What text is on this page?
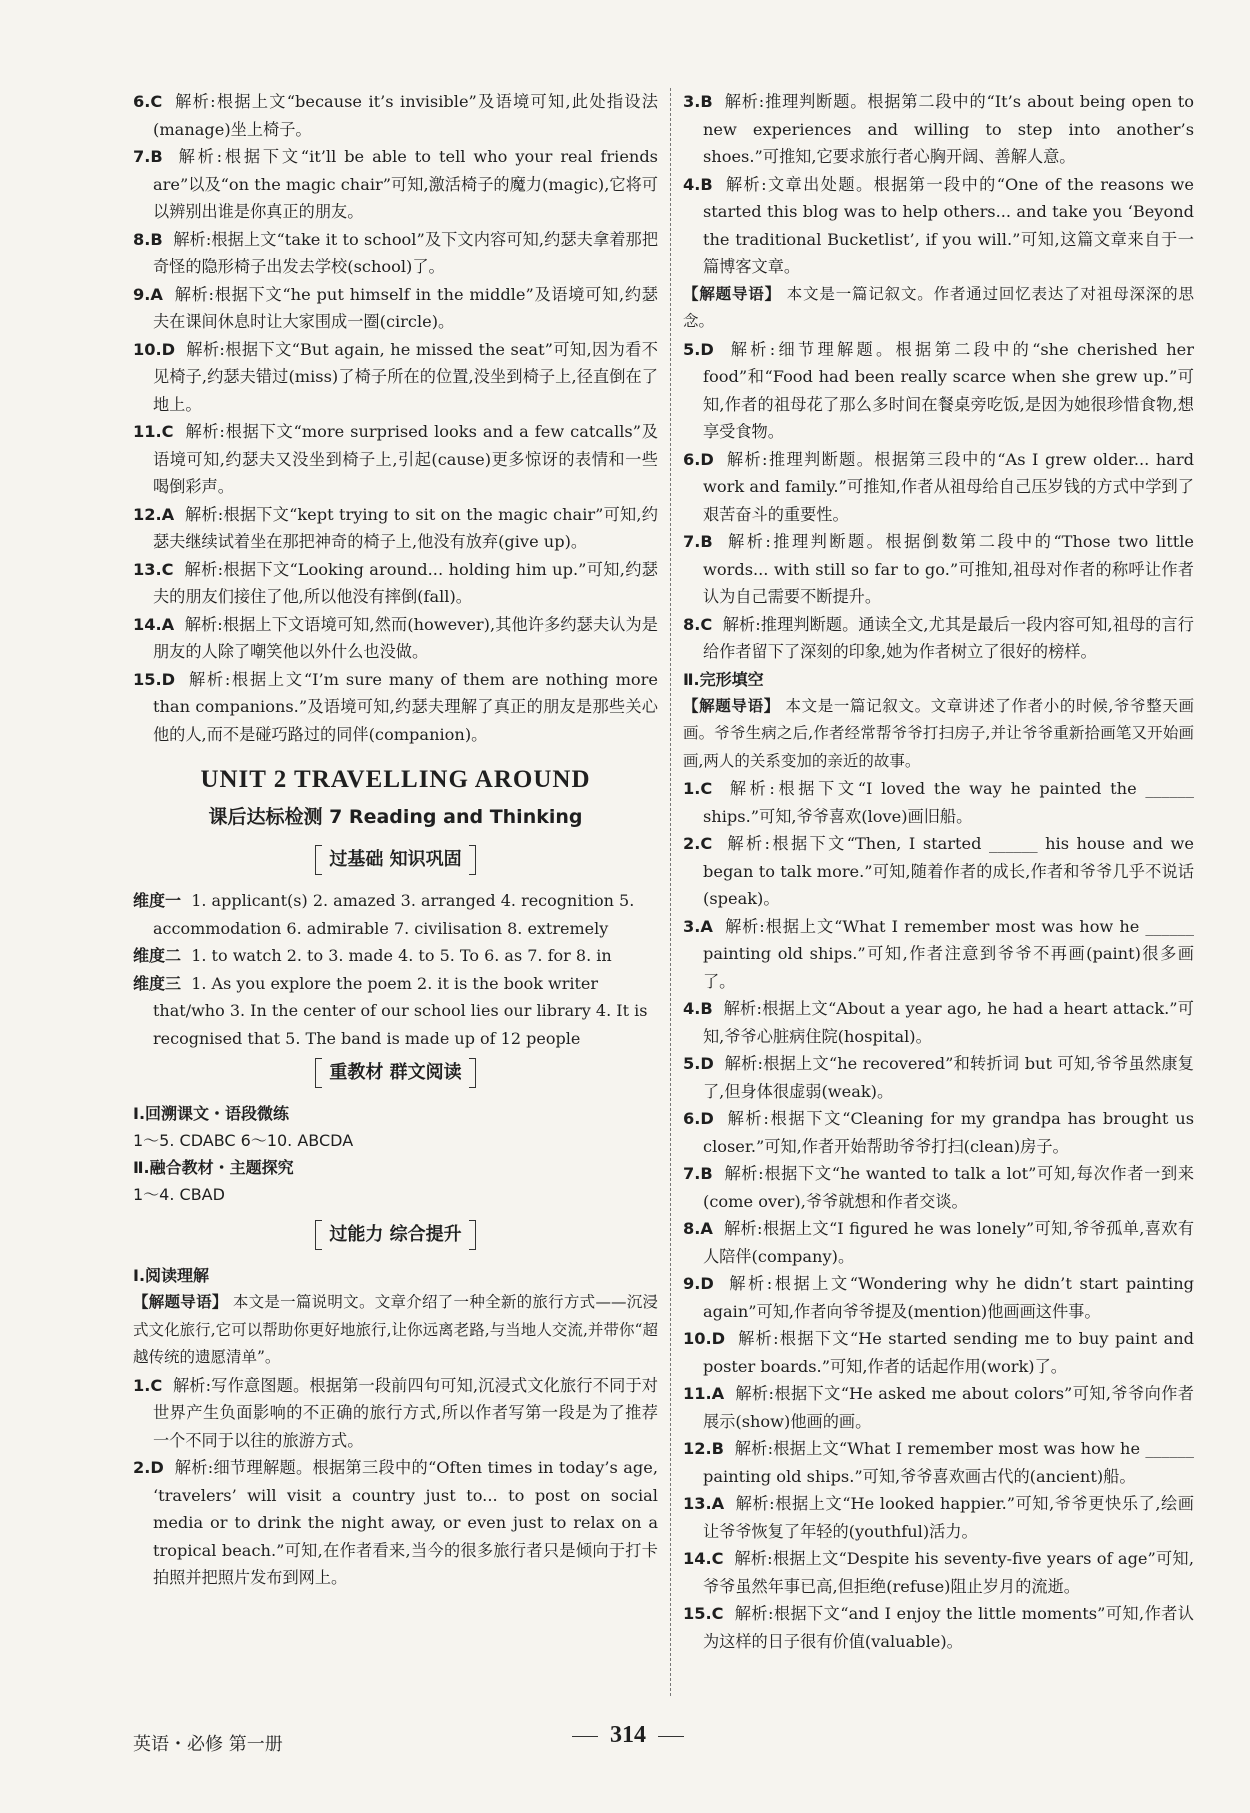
6.C 解析:根据上文“because it’s invisible”及语境可知,此处指设法(manage)坐上椅子。

7.B 解析:根据下文“it’ll be able to tell who your real friends are”以及“on the magic chair”可知,激活椅子的魔力(magic),它将可以辨别出谁是你真正的朋友。

8.B 解析:根据上文“take it to school”及下文内容可知,约瑟夫拿着那把奇怪的隐形椅子出发去学校(school)了。

9.A 解析:根据下文“he put himself in the middle”及语境可知,约瑟夫在课间休息时让大家围成一圈(circle)。

10.D 解析:根据下文“But again, he missed the seat”可知,因为看不见椅子,约瑟夫错过(miss)了椅子所在的位置,没坐到椅子上,径直倒在了地上。

11.C 解析:根据下文“more surprised looks and a few catcalls”及语境可知,约瑟夫又没坐到椅子上,引起(cause)更多惊讶的表情和一些喝倒彩声。

12.A 解析:根据下文“kept trying to sit on the magic chair”可知,约瑟夫继续试着坐在那把神奇的椅子上,他没有放弃(give up)。

13.C 解析:根据下文“Looking around... holding him up.”可知,约瑟夫的朋友们接住了他,所以他没有摔倒(fall)。

14.A 解析:根据上下文语境可知,然而(however),其他许多约瑟夫认为是朋友的人除了嘲笑他以外什么也没做。

15.D 解析:根据上文“I’m sure many of them are nothing more than companions.”及语境可知,约瑟夫理解了真正的朋友是那些关心他的人,而不是碰巧路过的同伴(companion)。

UNIT 2 TRAVELLING AROUND
课后达标检测 7 Reading and Thinking
过基础 知识巩固

维度一 1. applicant(s) 2. amazed 3. arranged 4. recognition 5. accommodation 6. admirable 7. civilisation 8. extremely

维度二 1. to watch 2. to 3. made 4. to 5. To 6. as 7. for 8. in

维度三 1. As you explore the poem 2. it is the book writer that/who 3. In the center of our school lies our library 4. It is recognised that 5. The band is made up of 12 people

重教材 群文阅读

Ⅰ.回溯课文・语段微练

1～5. CDABC 6～10. ABCDA

Ⅱ.融合教材・主题探究

1～4. CBAD

过能力 综合提升

Ⅰ.阅读理解

【解题导语】 本文是一篇说明文。文章介绍了一种全新的旅行方式——沉浸式文化旅行,它可以帮助你更好地旅行,让你远离老路,与当地人交流,并带你“超越传统的遗愿清单”。

1.C 解析:写作意图题。根据第一段前四句可知,沉浸式文化旅行不同于对世界产生负面影响的不正确的旅行方式,所以作者写第一段是为了推荐一个不同于以往的旅游方式。

2.D 解析:细节理解题。根据第三段中的“Often times in today’s age, ‘travelers’ will visit a country just to... to post on social media or to drink the night away, or even just to relax on a tropical beach.”可知,在作者看来,当今的很多旅行者只是倾向于打卡拍照并把照片发布到网上。

3.B 解析:推理判断题。根据第二段中的“It’s about being open to new experiences and willing to step into another’s shoes.”可推知,它要求旅行者心胸开阔、善解人意。

4.B 解析:文章出处题。根据第一段中的“One of the reasons we started this blog was to help others... and take you ‘Beyond the traditional Bucketlist’, if you will.”可知,这篇文章来自于一篇博客文章。

【解题导语】 本文是一篇记叙文。作者通过回忆表达了对祖母深深的思念。

5.D 解析:细节理解题。根据第二段中的“she cherished her food”和“Food had been really scarce when she grew up.”可知,作者的祖母花了那么多时间在餐桌旁吃饭,是因为她很珍惜食物,想享受食物。

6.D 解析:推理判断题。根据第三段中的“As I grew older... hard work and family.”可推知,作者从祖母给自己压岁钱的方式中学到了艰苦奋斗的重要性。

7.B 解析:推理判断题。根据倒数第二段中的“Those two little words... with still so far to go.”可推知,祖母对作者的称呼让作者认为自己需要不断提升。

8.C 解析:推理判断题。通读全文,尤其是最后一段内容可知,祖母的言行给作者留下了深刻的印象,她为作者树立了很好的榜样。

Ⅱ.完形填空

【解题导语】 本文是一篇记叙文。文章讲述了作者小的时候,爷爷整天画画。爷爷生病之后,作者经常帮爷爷打扫房子,并让爷爷重新拾画笔又开始画画,两人的关系变加的亲近的故事。

1.C 解析:根据下文“I loved the way he painted the ______ ships.”可知,爷爷喜欢(love)画旧船。

2.C 解析:根据下文“Then, I started ______ his house and we began to talk more.”可知,随着作者的成长,作者和爷爷几乎不说话(speak)。

3.A 解析:根据上文“What I remember most was how he ______ painting old ships.”可知,作者注意到爷爷不再画(paint)很多画了。

4.B 解析:根据上文“About a year ago, he had a heart attack.”可知,爷爷心脏病住院(hospital)。

5.D 解析:根据上文“he recovered”和转折词 but 可知,爷爷虽然康复了,但身体很虚弱(weak)。

6.D 解析:根据下文“Cleaning for my grandpa has brought us closer.”可知,作者开始帮助爷爷打扫(clean)房子。

7.B 解析:根据下文“he wanted to talk a lot”可知,每次作者一到来(come over),爷爷就想和作者交谈。

8.A 解析:根据上文“I figured he was lonely”可知,爷爷孤单,喜欢有人陪伴(company)。

9.D 解析:根据上文“Wondering why he didn’t start painting again”可知,作者向爷爷提及(mention)他画画这件事。

10.D 解析:根据下文“He started sending me to buy paint and poster boards.”可知,作者的话起作用(work)了。

11.A 解析:根据下文“He asked me about colors”可知,爷爷向作者展示(show)他画的画。

12.B 解析:根据上文“What I remember most was how he ______ painting old ships.”可知,爷爷喜欢画古代的(ancient)船。

13.A 解析:根据上文“He looked happier.”可知,爷爷更快乐了,绘画让爷爷恢复了年轻的(youthful)活力。

14.C 解析:根据上文“Despite his seventy-five years of age”可知,爷爷虽然年事已高,但拒绝(refuse)阻止岁月的流逝。

15.C 解析:根据下文“and I enjoy the little moments”可知,作者认为这样的日子很有价值(valuable)。

英语・必修 第一册	314
